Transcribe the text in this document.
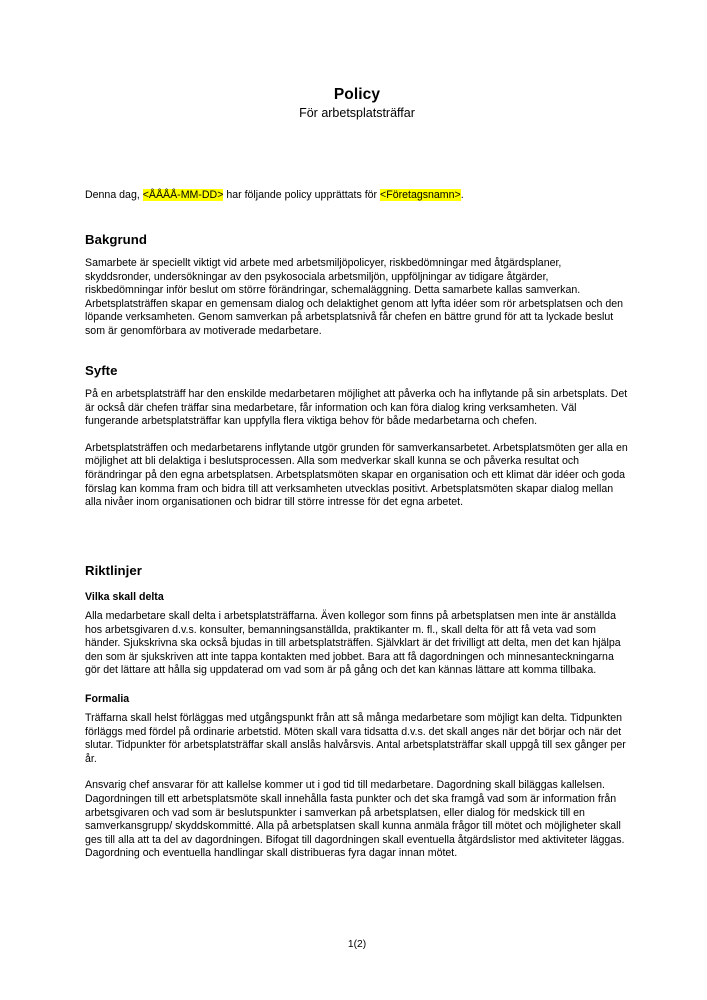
Policy
För arbetsplatsträffar
Denna dag, <ÅÅÅÅ-MM-DD> har följande policy upprättats för <Företagsnamn>.
Bakgrund

Samarbete är speciellt viktigt vid arbete med arbetsmiljöpolicyer, riskbedömningar med åtgärdsplaner, skyddsronder, undersökningar av den psykosociala arbetsmiljön, uppföljningar av tidigare åtgärder, riskbedömningar inför beslut om större förändringar, schemaläggning. Detta samarbete kallas samverkan. Arbetsplatsträffen skapar en gemensam dialog och delaktighet genom att lyfta idéer som rör arbetsplatsen och den löpande verksamheten. Genom samverkan på arbetsplatsnivå får chefen en bättre grund för att ta lyckade beslut som är genomförbara av motiverade medarbetare.

Syfte

På en arbetsplatsträff har den enskilde medarbetaren möjlighet att påverka och ha inflytande på sin arbetsplats. Det är också där chefen träffar sina medarbetare, får information och kan föra dialog kring verksamheten. Väl fungerande arbetsplatsträffar kan uppfylla flera viktiga behov för både medarbetarna och chefen.

Arbetsplatsträffen och medarbetarens inflytande utgör grunden för samverkansarbetet. Arbetsplatsmöten ger alla en möjlighet att bli delaktiga i beslutsprocessen. Alla som medverkar skall kunna se och påverka resultat och förändringar på den egna arbetsplatsen. Arbetsplatsmöten skapar en organisation och ett klimat där idéer och goda förslag kan komma fram och bidra till att verksamheten utvecklas positivt. Arbetsplatsmöten skapar dialog mellan alla nivåer inom organisationen och bidrar till större intresse för det egna arbetet.

Riktlinjer
Vilka skall delta

Alla medarbetare skall delta i arbetsplatsträffarna. Även kollegor som finns på arbetsplatsen men inte är anställda hos arbetsgivaren d.v.s. konsulter, bemanningsanställda, praktikanter m. fl., skall delta för att få veta vad som händer. Sjukskrivna ska också bjudas in till arbetsplatsträffen. Självklart är det frivilligt att delta, men det kan hjälpa den som är sjukskriven att inte tappa kontakten med jobbet. Bara att få dagordningen och minnesanteckningarna gör det lättare att hålla sig uppdaterad om vad som är på gång och det kan kännas lättare att komma tillbaka.

Formalia

Träffarna skall helst förläggas med utgångspunkt från att så många medarbetare som möjligt kan delta. Tidpunkten förläggs med fördel på ordinarie arbetstid. Möten skall vara tidsatta d.v.s. det skall anges när det börjar och när det slutar. Tidpunkter för arbetsplatsträffar skall anslås halvårsvis. Antal arbetsplatsträffar skall uppgå till sex gånger per år.

Ansvarig chef ansvarar för att kallelse kommer ut i god tid till medarbetare. Dagordning skall biläggas kallelsen. Dagordningen till ett arbetsplatsmöte skall innehålla fasta punkter och det ska framgå vad som är information från arbetsgivaren och vad som är beslutspunkter i samverkan på arbetsplatsen, eller dialog för medskick till en samverkansgrupp/ skyddskommitté. Alla på arbetsplatsen skall kunna anmäla frågor till mötet och möjligheter skall ges till alla att ta del av dagordningen. Bifogat till dagordningen skall eventuella åtgärdslistor med aktiviteter läggas. Dagordning och eventuella handlingar skall distribueras fyra dagar innan mötet.

1(2)
